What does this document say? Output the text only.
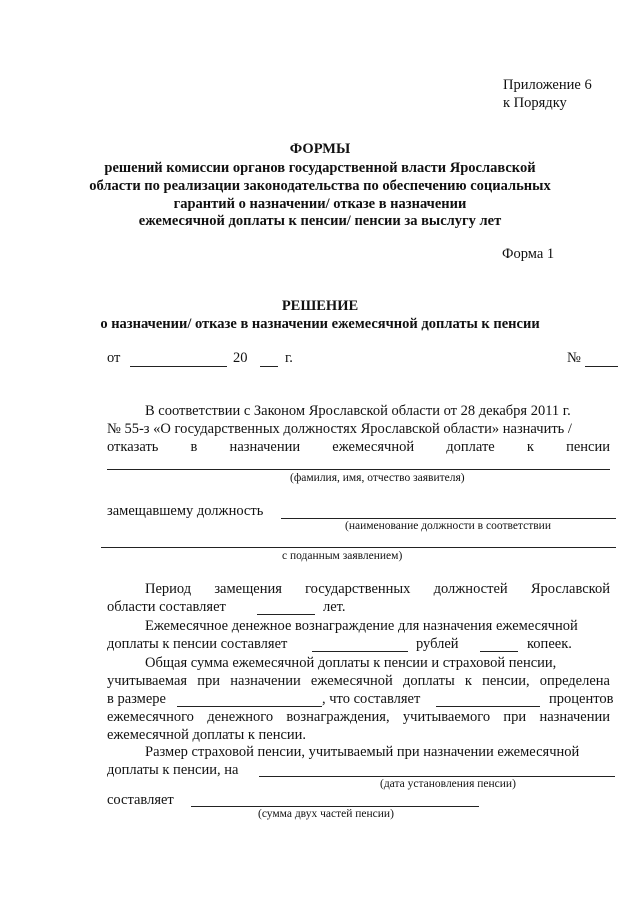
Приложение 6
к Порядку
ФОРМЫ
решений комиссии органов государственной власти Ярославской
области по реализации законодательства по обеспечению социальных
гарантий о назначении/ отказе в назначении
ежемесячной доплаты к пенсии/ пенсии за выслугу лет
Форма 1
РЕШЕНИЕ
о назначении/ отказе в назначении ежемесячной доплаты к пенсии
от	20	г.	№
В соответствии с Законом Ярославской области от 28 декабря 2011 г.
№ 55-з «О государственных должностях Ярославской области» назначить /
отказать в назначении ежемесячной доплате к пенсии
(фамилия, имя, отчество заявителя)
замещавшему должность
(наименование должности в соответствии
с поданным заявлением)
Период замещения государственных должностей Ярославской
области составляет	лет.
Ежемесячное денежное вознаграждение для назначения ежемесячной
доплаты к пенсии составляет	рублей	копеек.
Общая сумма ежемесячной доплаты к пенсии и страховой пенсии,
учитываемая при назначении ежемесячной доплаты к пенсии, определена
в размере	, что составляет	процентов
ежемесячного денежного вознаграждения, учитываемого при назначении
ежемесячной доплаты к пенсии.
Размер страховой пенсии, учитываемый при назначении ежемесячной
доплаты к пенсии, на
(дата установления пенсии)
составляет
(сумма двух частей пенсии)
